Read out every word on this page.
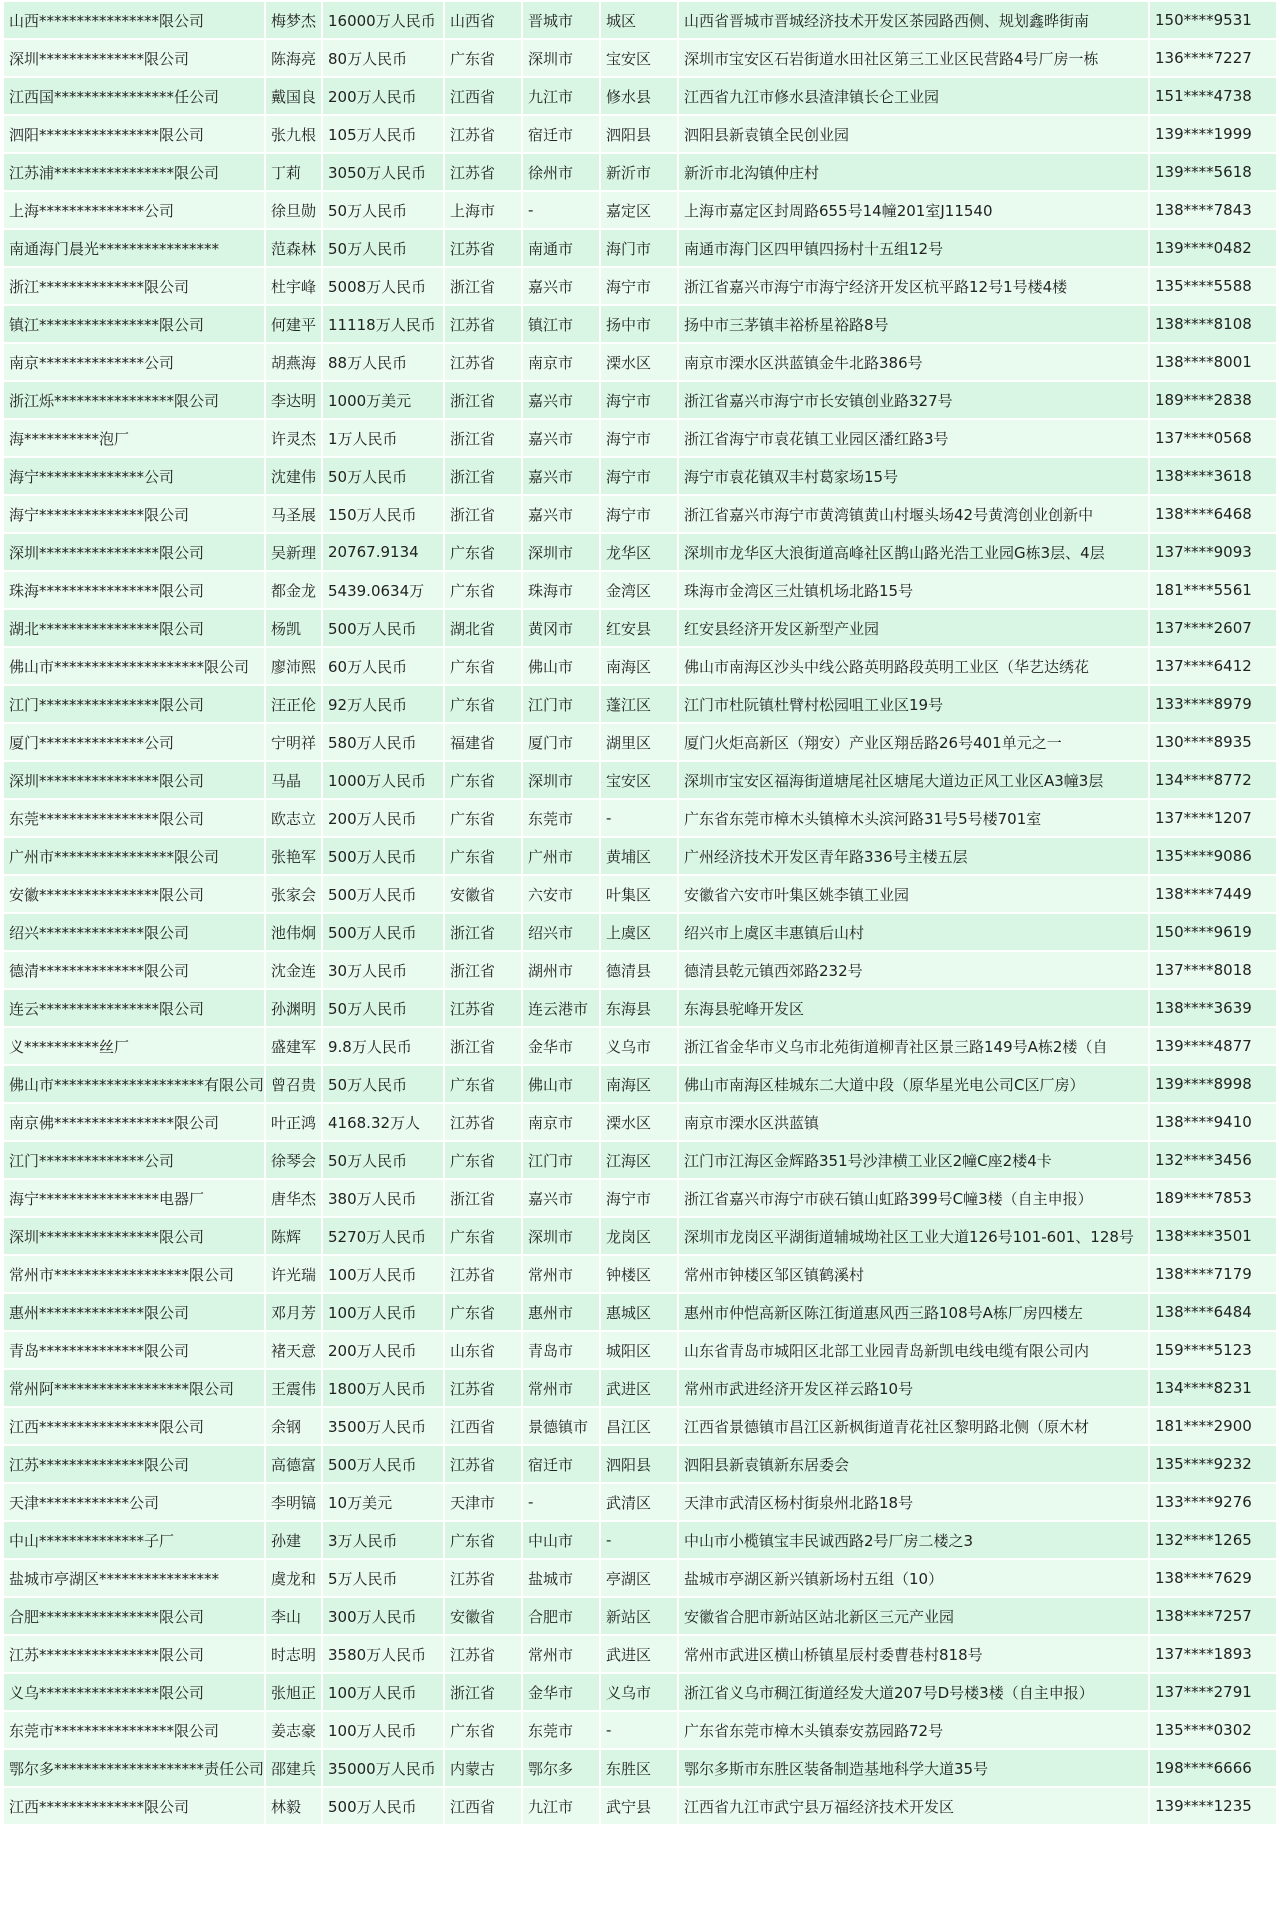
山西****************限公司	梅梦杰	16000万人民币	山西省	晋城市	城区	山西省晋城市晋城经济技术开发区茶园路西侧、规划鑫晔街南	150****9531
深圳**************限公司	陈海亮	80万人民币	广东省	深圳市	宝安区	深圳市宝安区石岩街道水田社区第三工业区民营路4号厂房一栋	136****7227
江西国****************任公司	戴国良	200万人民币	江西省	九江市	修水县	江西省九江市修水县渣津镇长仑工业园	151****4738
泗阳****************限公司	张九根	105万人民币	江苏省	宿迁市	泗阳县	泗阳县新袁镇全民创业园	139****1999
江苏浦****************限公司	丁莉	3050万人民币	江苏省	徐州市	新沂市	新沂市北沟镇仲庄村	139****5618
上海**************公司	徐旦勋	50万人民币	上海市	-	嘉定区	上海市嘉定区封周路655号14幢201室J11540	138****7843
南通海门晨光****************	范森林	50万人民币	江苏省	南通市	海门市	南通市海门区四甲镇四扬村十五组12号	139****0482
浙江**************限公司	杜宇峰	5008万人民币	浙江省	嘉兴市	海宁市	浙江省嘉兴市海宁市海宁经济开发区杭平路12号1号楼4楼	135****5588
镇江****************限公司	何建平	11118万人民币	江苏省	镇江市	扬中市	扬中市三茅镇丰裕桥星裕路8号	138****8108
南京**************公司	胡燕海	88万人民币	江苏省	南京市	溧水区	南京市溧水区洪蓝镇金牛北路386号	138****8001
浙江烁****************限公司	李达明	1000万美元	浙江省	嘉兴市	海宁市	浙江省嘉兴市海宁市长安镇创业路327号	189****2838
海**********泡厂	许灵杰	1万人民币	浙江省	嘉兴市	海宁市	浙江省海宁市袁花镇工业园区潘红路3号	137****0568
海宁**************公司	沈建伟	50万人民币	浙江省	嘉兴市	海宁市	海宁市袁花镇双丰村葛家场15号	138****3618
海宁**************限公司	马圣展	150万人民币	浙江省	嘉兴市	海宁市	浙江省嘉兴市海宁市黄湾镇黄山村堰头场42号黄湾创业创新中	138****6468
深圳****************限公司	吴新理	20767.9134	广东省	深圳市	龙华区	深圳市龙华区大浪街道高峰社区鹊山路光浩工业园G栋3层、4层	137****9093
珠海****************限公司	都金龙	5439.0634万	广东省	珠海市	金湾区	珠海市金湾区三灶镇机场北路15号	181****5561
湖北****************限公司	杨凯	500万人民币	湖北省	黄冈市	红安县	红安县经济开发区新型产业园	137****2607
佛山市********************限公司	廖沛熙	60万人民币	广东省	佛山市	南海区	佛山市南海区沙头中线公路英明路段英明工业区（华艺达绣花	137****6412
江门****************限公司	汪正伦	92万人民币	广东省	江门市	蓬江区	江门市杜阮镇杜臂村松园咀工业区19号	133****8979
厦门**************公司	宁明祥	580万人民币	福建省	厦门市	湖里区	厦门火炬高新区（翔安）产业区翔岳路26号401单元之一	130****8935
深圳****************限公司	马晶	1000万人民币	广东省	深圳市	宝安区	深圳市宝安区福海街道塘尾社区塘尾大道边正风工业区A3幢3层	134****8772
东莞****************限公司	欧志立	200万人民币	广东省	东莞市	-	广东省东莞市樟木头镇樟木头滨河路31号5号楼701室	137****1207
广州市****************限公司	张艳军	500万人民币	广东省	广州市	黄埔区	广州经济技术开发区青年路336号主楼五层	135****9086
安徽****************限公司	张家会	500万人民币	安徽省	六安市	叶集区	安徽省六安市叶集区姚李镇工业园	138****7449
绍兴**************限公司	池伟炯	500万人民币	浙江省	绍兴市	上虞区	绍兴市上虞区丰惠镇后山村	150****9619
德清**************限公司	沈金连	30万人民币	浙江省	湖州市	德清县	德清县乾元镇西郊路232号	137****8018
连云****************限公司	孙渊明	50万人民币	江苏省	连云港市	东海县	东海县驼峰开发区	138****3639
义**********丝厂	盛建军	9.8万人民币	浙江省	金华市	义乌市	浙江省金华市义乌市北苑街道柳青社区景三路149号A栋2楼（自	139****4877
佛山市********************有限公司	曾召贵	50万人民币	广东省	佛山市	南海区	佛山市南海区桂城东二大道中段（原华星光电公司C区厂房）	139****8998
南京佛****************限公司	叶正鸿	4168.32万人	江苏省	南京市	溧水区	南京市溧水区洪蓝镇	138****9410
江门**************公司	徐琴会	50万人民币	广东省	江门市	江海区	江门市江海区金辉路351号沙津横工业区2幢C座2楼4卡	132****3456
海宁****************电器厂	唐华杰	380万人民币	浙江省	嘉兴市	海宁市	浙江省嘉兴市海宁市硖石镇山虹路399号C幢3楼（自主申报）	189****7853
深圳****************限公司	陈辉	5270万人民币	广东省	深圳市	龙岗区	深圳市龙岗区平湖街道辅城坳社区工业大道126号101-601、128号	138****3501
常州市******************限公司	许光瑞	100万人民币	江苏省	常州市	钟楼区	常州市钟楼区邹区镇鹤溪村	138****7179
惠州**************限公司	邓月芳	100万人民币	广东省	惠州市	惠城区	惠州市仲恺高新区陈江街道惠风西三路108号A栋厂房四楼左	138****6484
青岛**************限公司	褚天意	200万人民币	山东省	青岛市	城阳区	山东省青岛市城阳区北部工业园青岛新凯电线电缆有限公司内	159****5123
常州阿******************限公司	王震伟	1800万人民币	江苏省	常州市	武进区	常州市武进经济开发区祥云路10号	134****8231
江西****************限公司	余钢	3500万人民币	江西省	景德镇市	昌江区	江西省景德镇市昌江区新枫街道青花社区黎明路北侧（原木材	181****2900
江苏**************限公司	高德富	500万人民币	江苏省	宿迁市	泗阳县	泗阳县新袁镇新东居委会	135****9232
天津************公司	李明镐	10万美元	天津市	-	武清区	天津市武清区杨村街泉州北路18号	133****9276
中山**************子厂	孙建	3万人民币	广东省	中山市	-	中山市小榄镇宝丰民诚西路2号厂房二楼之3	132****1265
盐城市亭湖区****************	虞龙和	5万人民币	江苏省	盐城市	亭湖区	盐城市亭湖区新兴镇新场村五组（10）	138****7629
合肥****************限公司	李山	300万人民币	安徽省	合肥市	新站区	安徽省合肥市新站区站北新区三元产业园	138****7257
江苏****************限公司	时志明	3580万人民币	江苏省	常州市	武进区	常州市武进区横山桥镇星辰村委曹巷村818号	137****1893
义乌****************限公司	张旭正	100万人民币	浙江省	金华市	义乌市	浙江省义乌市稠江街道经发大道207号D号楼3楼（自主申报）	137****2791
东莞市****************限公司	姜志豪	100万人民币	广东省	东莞市	-	广东省东莞市樟木头镇泰安荔园路72号	135****0302
鄂尔多********************责任公司	邵建兵	35000万人民币	内蒙古	鄂尔多	东胜区	鄂尔多斯市东胜区装备制造基地科学大道35号	198****6666
江西**************限公司	林毅	500万人民币	江西省	九江市	武宁县	江西省九江市武宁县万福经济技术开发区	139****1235
